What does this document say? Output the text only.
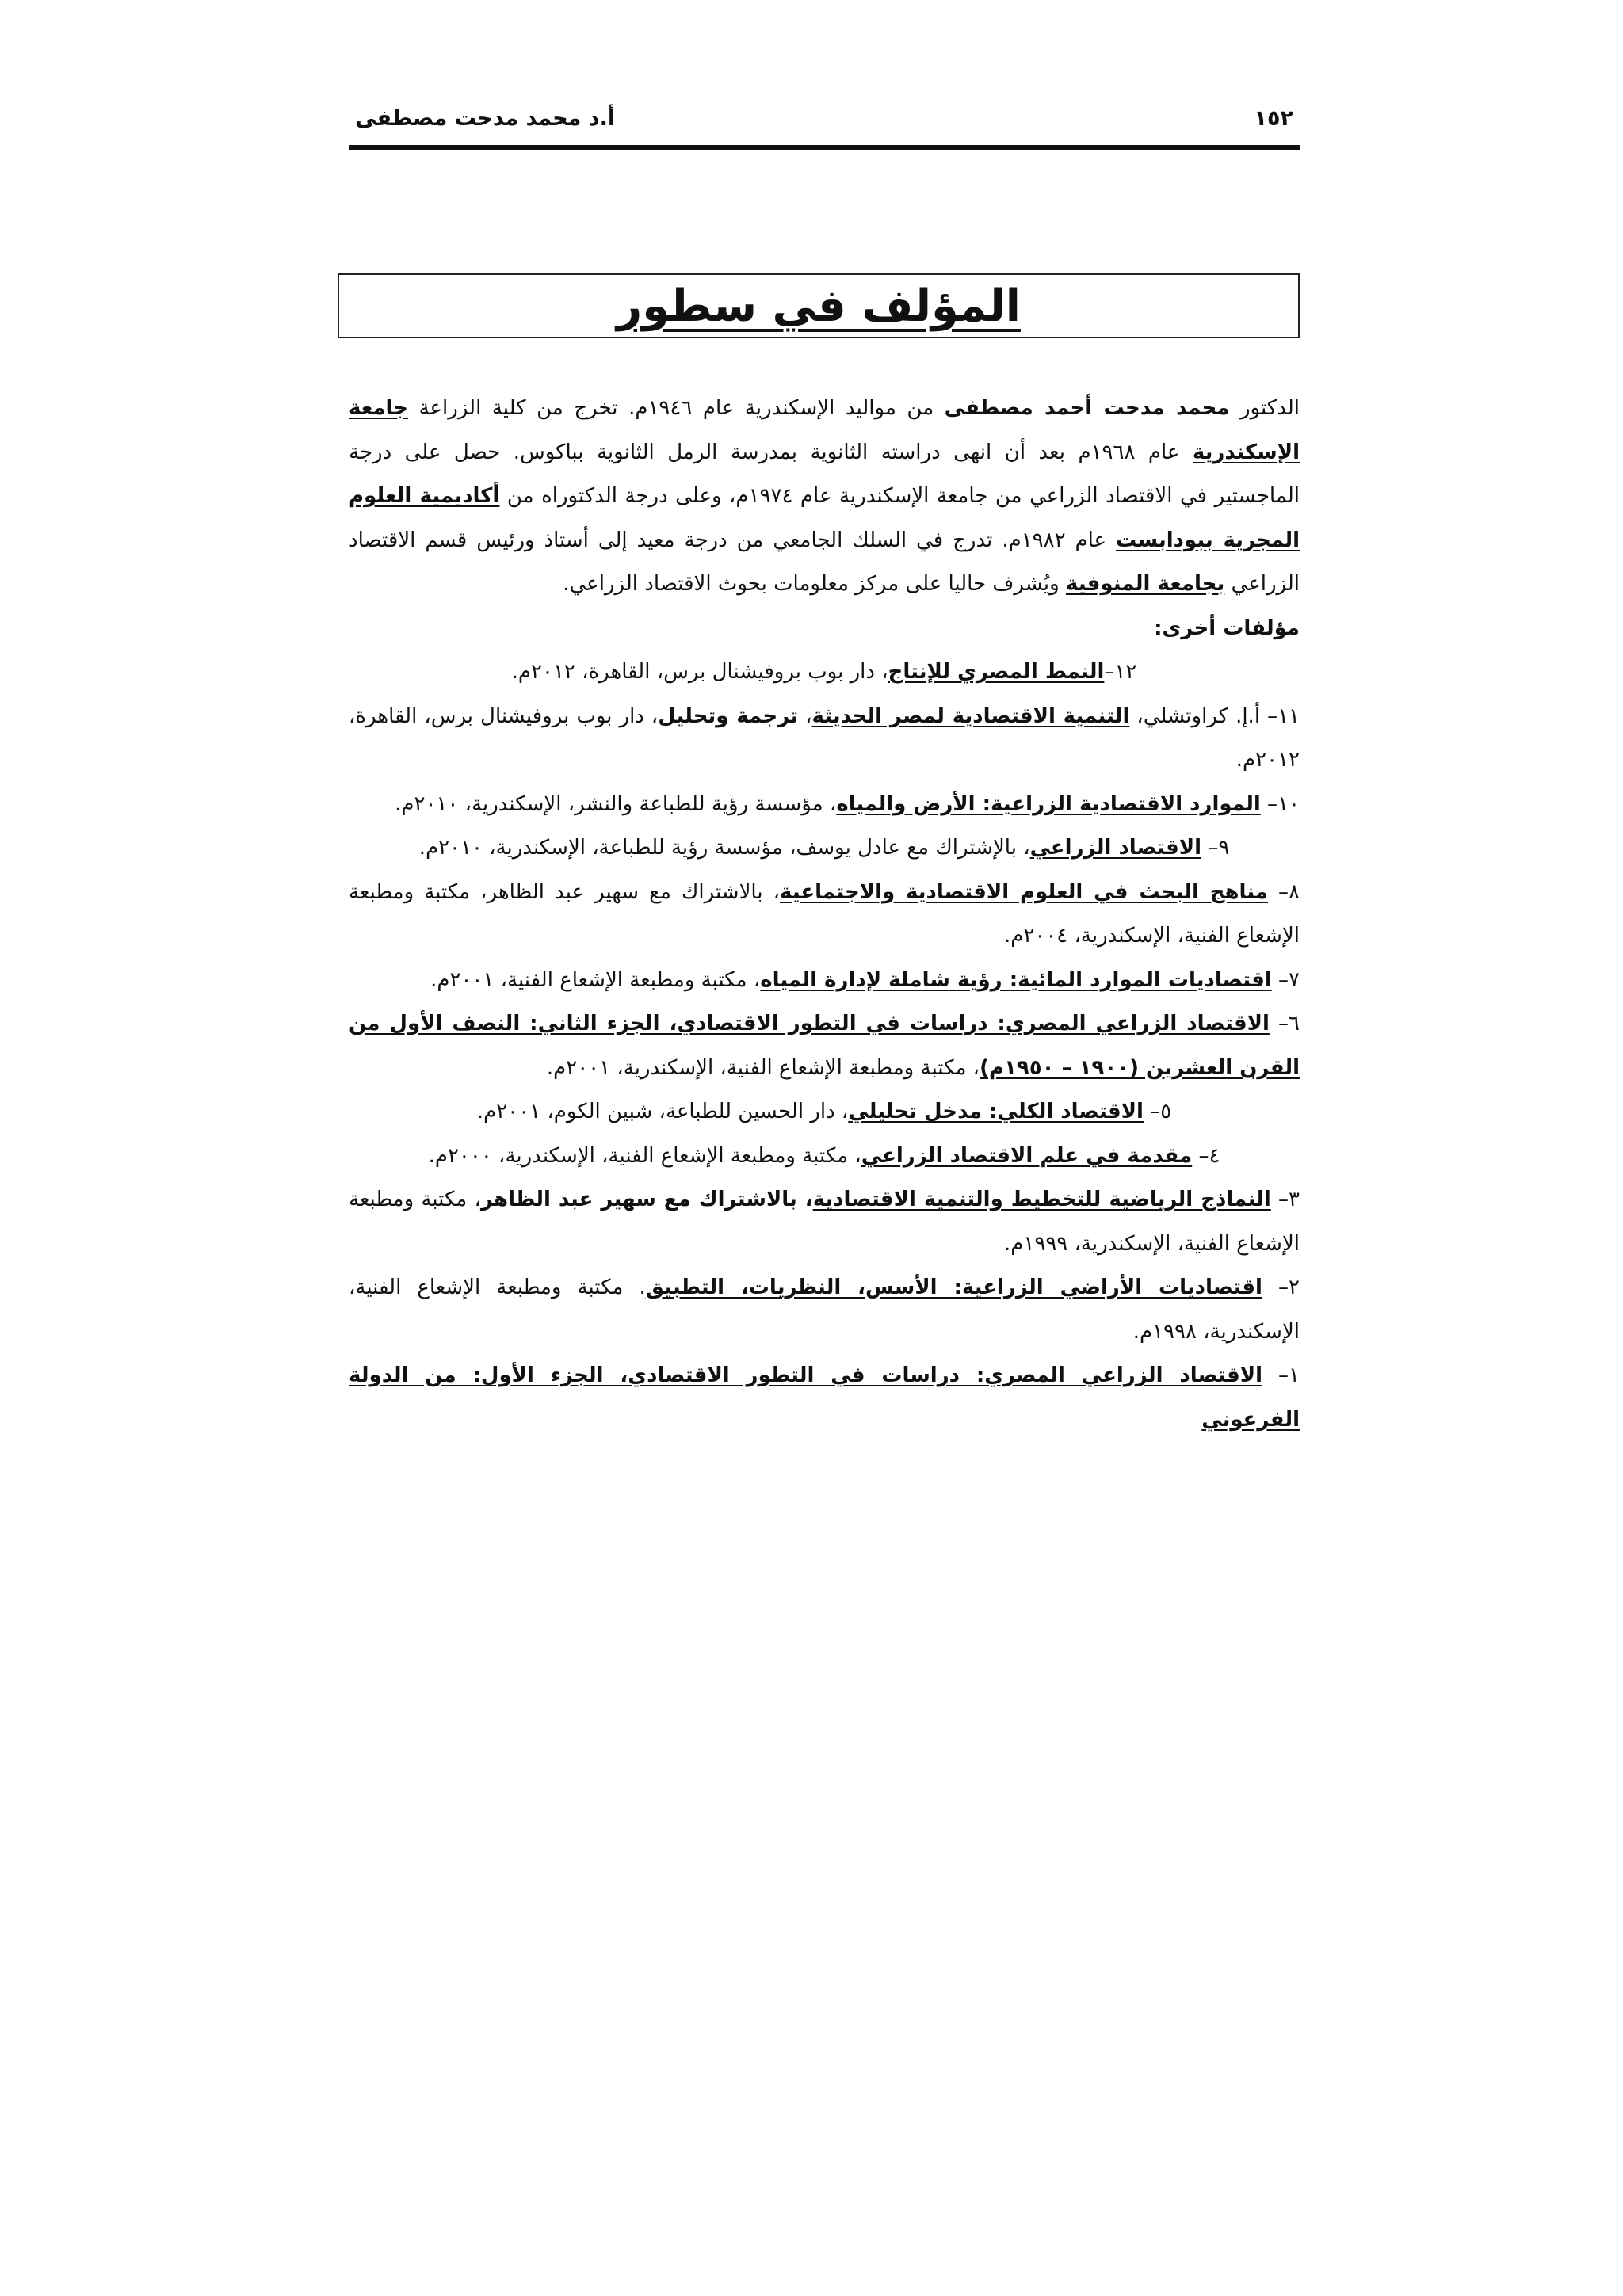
١٥٢
أ.د محمد مدحت مصطفى
المؤلف في سطور

الدكتور محمد مدحت أحمد مصطفى من مواليد الإسكندرية عام ١٩٤٦م. تخرج من كلية الزراعة جامعة الإسكندرية عام ١٩٦٨م بعد أن انهى دراسته الثانوية بمدرسة الرمل الثانوية بباكوس. حصل على درجة الماجستير في الاقتصاد الزراعي من جامعة الإسكندرية عام ١٩٧٤م، وعلى درجة الدكتوراه من أكاديمية العلوم المجرية ببودابست عام ١٩٨٢م. تدرج في السلك الجامعي من درجة معيد إلى أستاذ ورئيس قسم الاقتصاد الزراعي بجامعة المنوفية ويُشرف حاليا على مركز معلومات بحوث الاقتصاد الزراعي.

مؤلفات أخرى:

١٢–النمط المصري للإنتاج، دار بوب بروفيشنال برس، القاهرة، ٢٠١٢م.

١١– أ.إ. كراوتشلي، التنمية الاقتصادية لمصر الحديثة، ترجمة وتحليل، دار بوب بروفيشنال برس، القاهرة، ٢٠١٢م.

١٠– الموارد الاقتصادية الزراعية: الأرض والمياه، مؤسسة رؤية للطباعة والنشر، الإسكندرية، ٢٠١٠م.

٩– الاقتصاد الزراعي، بالإشتراك مع عادل يوسف، مؤسسة رؤية للطباعة، الإسكندرية، ٢٠١٠م.

٨– مناهج البحث في العلوم الاقتصادية والاجتماعية، بالاشتراك مع سهير عبد الظاهر، مكتبة ومطبعة الإشعاع الفنية، الإسكندرية، ٢٠٠٤م.

٧– اقتصاديات الموارد المائية: رؤية شاملة لإدارة المياه، مكتبة ومطبعة الإشعاع الفنية، ٢٠٠١م.

٦– الاقتصاد الزراعي المصري: دراسات في التطور الاقتصادي، الجزء الثاني: النصف الأول من القرن العشرين (١٩٠٠ – ١٩٥٠م)، مكتبة ومطبعة الإشعاع الفنية، الإسكندرية، ٢٠٠١م.

٥– الاقتصاد الكلي: مدخل تحليلي، دار الحسين للطباعة، شبين الكوم، ٢٠٠١م.

٤– مقدمة في علم الاقتصاد الزراعي، مكتبة ومطبعة الإشعاع الفنية، الإسكندرية، ٢٠٠٠م.

٣– النماذج الرياضية للتخطيط والتنمية الاقتصادية، بالاشتراك مع سهير عبد الظاهر، مكتبة ومطبعة الإشعاع الفنية، الإسكندرية، ١٩٩٩م.

٢– اقتصاديات الأراضي الزراعية: الأسس، النظريات، التطبيق. مكتبة ومطبعة الإشعاع الفنية، الإسكندرية، ١٩٩٨م.

١– الاقتصاد الزراعي المصري: دراسات في التطور الاقتصادي، الجزء الأول: من الدولة الفرعوني
